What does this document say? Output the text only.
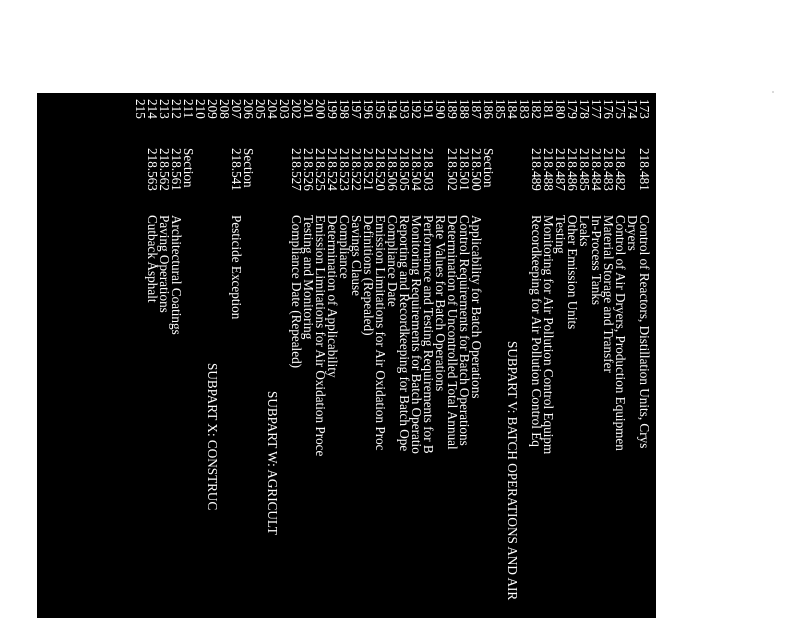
173
218.481
Control of Reactors, Distillation Units, Crys
174
Dryers
175
218.482
Control of Air Dryers, Production Equipmen
176
218.483
Material Storage and Transfer
177
218.484
In-Process Tanks
178
218.485
Leaks
179
218.486
Other Emission Units
180
218.487
Testing
181
218.488
Monitoring for Air Pollution Control Equipm
182
218.489
Recordkeeping for Air Pollution Control Eq
183
184
SUBPART V: BATCH OPERATIONS AND AIR
185
186
Section
187
218.500
Applicability for Batch Operations
188
218.501
Control Requirements for Batch Operations
189
218.502
Determination of Uncontrolled Total Annual
190
Rate Values for Batch Operations
191
218.503
Performance and Testing Requirements for B
192
218.504
Monitoring Requirements for Batch Operatio
193
218.505
Reporting and Recordkeeping for Batch Ope
194
218.506
Compliance Date
195
218.520
Emission Limitations for Air Oxidation Proc
196
218.521
Definitions (Repealed)
197
218.522
Savings Clause
198
218.523
Compliance
199
218.524
Determination of Applicability
200
218.525
Emission Limitations for Air Oxidation Proce
201
218.526
Testing and Monitoring
202
218.527
Compliance Date (Repealed)
203
204
SUBPART W: AGRICULT
205
206
Section
207
218.541
Pesticide Exception
208
209
SUBPART X: CONSTRUC
210
211
Section
212
218.561
Architectural Coatings
213
218.562
Paving Operations
214
218.563
Cutback Asphalt
215
